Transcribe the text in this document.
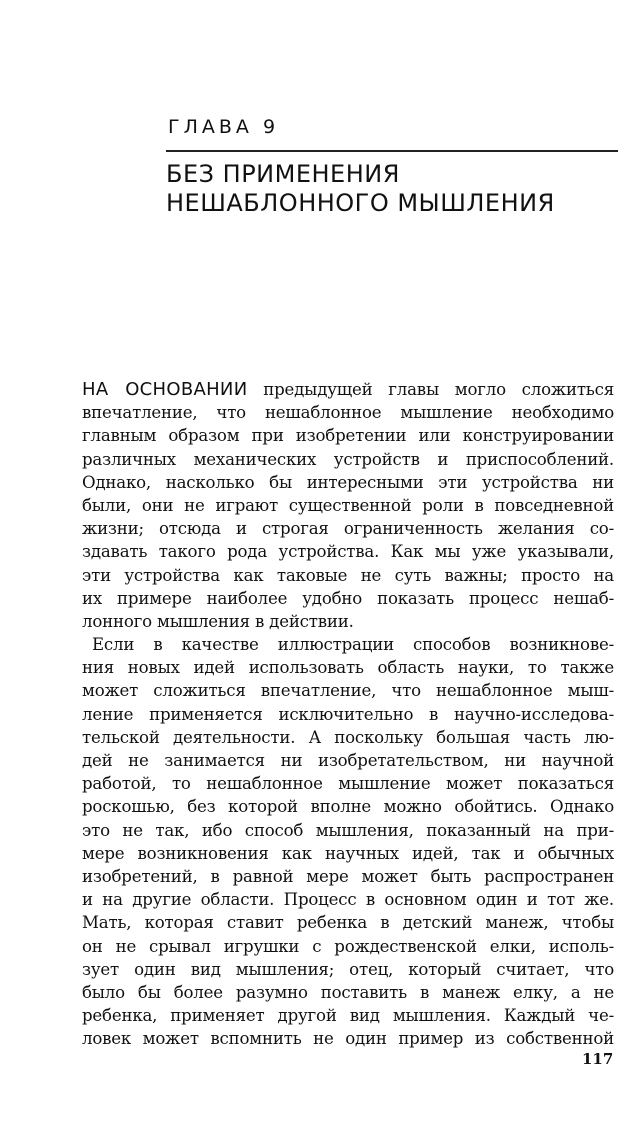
ГЛАВА 9
БЕЗ ПРИМЕНЕНИЯ
НЕШАБЛОННОГО МЫШЛЕНИЯ
НА ОСНОВАНИИ предыдущей главы могло сложиться
впечатление, что нешаблонное мышление необходимо
главным образом при изобретении или конструировании
различных механических устройств и приспособлений.
Однако, насколько бы интересными эти устройства ни
были, они не играют существенной роли в повседневной
жизни; отсюда и строгая ограниченность желания со-
здавать такого рода устройства. Как мы уже указывали,
эти устройства как таковые не суть важны; просто на
их примере наиболее удобно показать процесс нешаб-
лонного мышления в действии.
Если в качестве иллюстрации способов возникнове-
ния новых идей использовать область науки, то также
может сложиться впечатление, что нешаблонное мыш-
ление применяется исключительно в научно-исследова-
тельской деятельности. А поскольку большая часть лю-
дей не занимается ни изобретательством, ни научной
работой, то нешаблонное мышление может показаться
роскошью, без которой вполне можно обойтись. Однако
это не так, ибо способ мышления, показанный на при-
мере возникновения как научных идей, так и обычных
изобретений, в равной мере может быть распространен
и на другие области. Процесс в основном один и тот же.
Мать, которая ставит ребенка в детский манеж, чтобы
он не срывал игрушки с рождественской елки, исполь-
зует один вид мышления; отец, который считает, что
было бы более разумно поставить в манеж елку, а не
ребенка, применяет другой вид мышления. Каждый че-
ловек может вспомнить не один пример из собственной
117
